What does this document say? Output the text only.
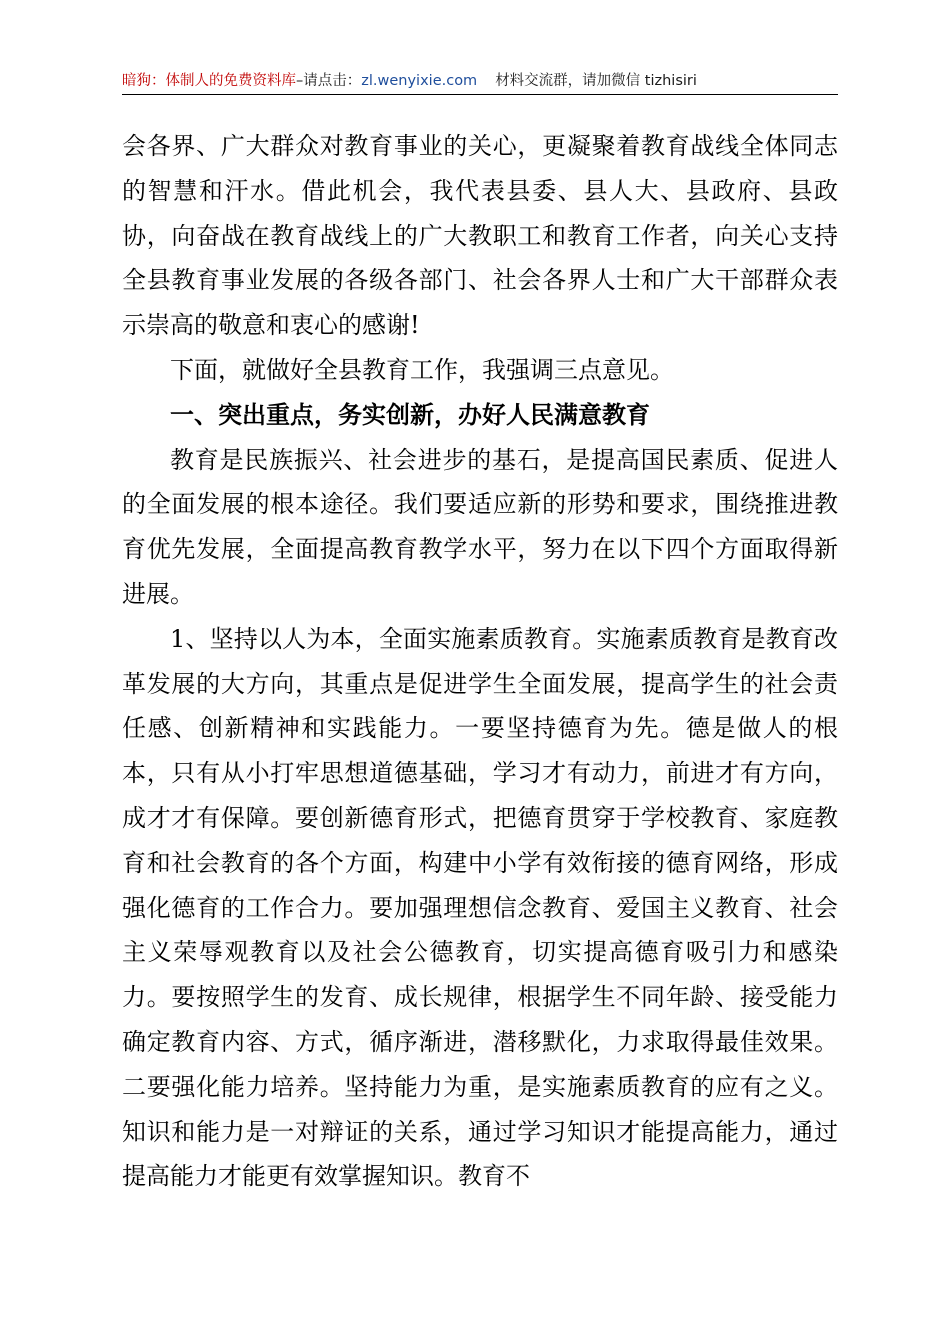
暗狗：体制人的免费资料库–请点击：zl.wenyixie.com 材料交流群，请加微信 tizhisiri

会各界、广大群众对教育事业的关心，更凝聚着教育战线全体同志的智慧和汗水。借此机会，我代表县委、县人大、县政府、县政协，向奋战在教育战线上的广大教职工和教育工作者，向关心支持全县教育事业发展的各级各部门、社会各界人士和广大干部群众表示崇高的敬意和衷心的感谢!

下面，就做好全县教育工作，我强调三点意见。

一、突出重点，务实创新，办好人民满意教育

教育是民族振兴、社会进步的基石，是提高国民素质、促进人的全面发展的根本途径。我们要适应新的形势和要求，围绕推进教育优先发展，全面提高教育教学水平，努力在以下四个方面取得新进展。

1、坚持以人为本，全面实施素质教育。实施素质教育是教育改革发展的大方向，其重点是促进学生全面发展，提高学生的社会责任感、创新精神和实践能力。一要坚持德育为先。德是做人的根本，只有从小打牢思想道德基础，学习才有动力，前进才有方向，成才才有保障。要创新德育形式，把德育贯穿于学校教育、家庭教育和社会教育的各个方面，构建中小学有效衔接的德育网络，形成强化德育的工作合力。要加强理想信念教育、爱国主义教育、社会主义荣辱观教育以及社会公德教育，切实提高德育吸引力和感染力。要按照学生的发育、成长规律，根据学生不同年龄、接受能力确定教育内容、方式，循序渐进，潜移默化，力求取得最佳效果。二要强化能力培养。坚持能力为重，是实施素质教育的应有之义。知识和能力是一对辩证的关系，通过学习知识才能提高能力，通过提高能力才能更有效掌握知识。教育不
